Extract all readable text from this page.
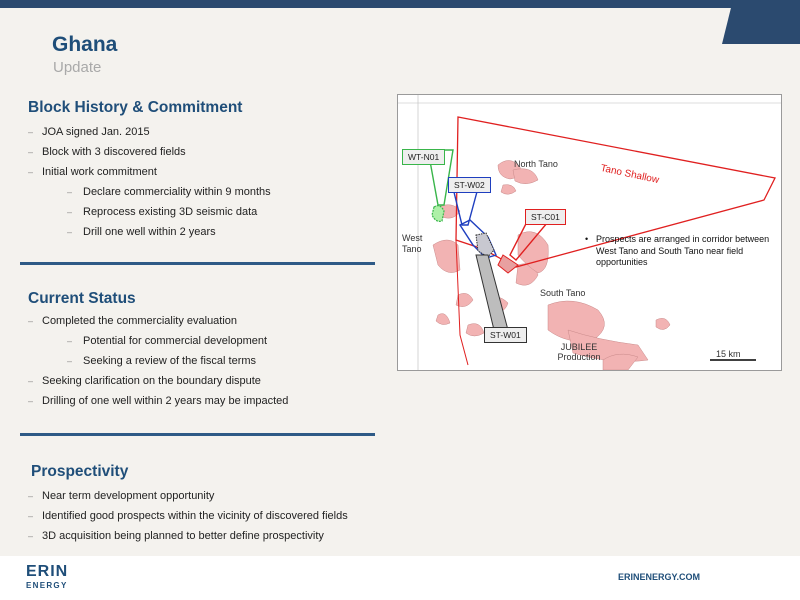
Ghana
Update
Block History & Commitment
– JOA signed Jan. 2015
– Block with 3 discovered fields
– Initial work commitment
– Declare commerciality within 9 months
– Reprocess existing 3D seismic data
– Drill one well within 2 years
Current Status
– Completed the commerciality evaluation
– Potential for commercial development
– Seeking a review of the fiscal terms
– Seeking clarification on the boundary dispute
– Drilling of one well within 2 years may be impacted
Prospectivity
– Near term development opportunity
– Identified good prospects within the vicinity of discovered fields
– 3D acquisition being planned to better define prospectivity
WT-N01
ST-W02
ST-C01
ST-W01
North Tano	Tano Shallow
West Tano
South Tano
JUBILEE Production	15 km
• Prospects are arranged in corridor between West Tano and South Tano near field opportunities
ERIN
ENERGY
ERINENERGY.COM	8
